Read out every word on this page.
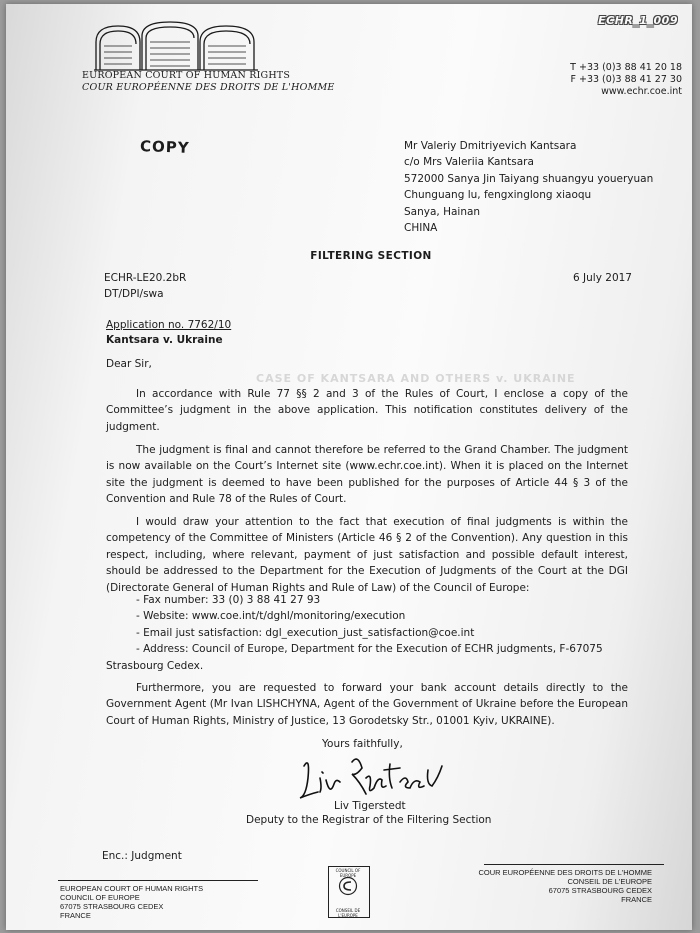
ECHR_1_009
EUROPEAN COURT OF HUMAN RIGHTS
COUR EUROPÉENNE DES DROITS DE L'HOMME
T +33 (0)3 88 41 20 18
F +33 (0)3 88 41 27 30
www.echr.coe.int
COPY	Mr Valeriy Dmitriyevich Kantsara
c/o Mrs Valeriia Kantsara
572000 Sanya Jin Taiyang shuangyu youeryuan
Chunguang lu, fengxinglong xiaoqu
Sanya, Hainan
CHINA
FILTERING SECTION
ECHR-LE20.2bR
DT/DPI/swa
6 July 2017
Application no. 7762/10
Kantsara v. Ukraine
CASE OF KANTSARA AND OTHERS v. UKRAINE
Dear Sir,

In accordance with Rule 77 §§ 2 and 3 of the Rules of Court, I enclose a copy of the Committee’s judgment in the above application. This notification constitutes delivery of the judgment.

The judgment is final and cannot therefore be referred to the Grand Chamber. The judgment is now available on the Court’s Internet site (www.echr.coe.int). When it is placed on the Internet site the judgment is deemed to have been published for the purposes of Article 44 § 3 of the Convention and Rule 78 of the Rules of Court.

I would draw your attention to the fact that execution of final judgments is within the competency of the Committee of Ministers (Article 46 § 2 of the Convention). Any question in this respect, including, where relevant, payment of just satisfaction and possible default interest, should be addressed to the Department for the Execution of Judgments of the Court at the DGI (Directorate General of Human Rights and Rule of Law) of the Council of Europe:

- Fax number: 33 (0) 3 88 41 27 93
- Website: www.coe.int/t/dghl/monitoring/execution
- Email just satisfaction: dgl_execution_just_satisfaction@coe.int
- Address: Council of Europe, Department for the Execution of ECHR judgments, F-67075
Strasbourg Cedex.

Furthermore, you are requested to forward your bank account details directly to the Government Agent (Mr Ivan LISHCHYNA, Agent of the Government of Ukraine before the European Court of Human Rights, Ministry of Justice, 13 Gorodetsky Str., 01001 Kyiv, UKRAINE).

Yours faithfully,
Liv Tigerstedt
Deputy to the Registrar of the Filtering Section
Enc.: Judgment
EUROPEAN COURT OF HUMAN RIGHTS
COUNCIL OF EUROPE
67075 STRASBOURG CEDEX
FRANCE
COUNCIL OF EUROPE
CONSEIL DE L'EUROPE
COUR EUROPÉENNE DES DROITS DE L'HOMME
CONSEIL DE L'EUROPE
67075 STRASBOURG CEDEX
FRANCE
